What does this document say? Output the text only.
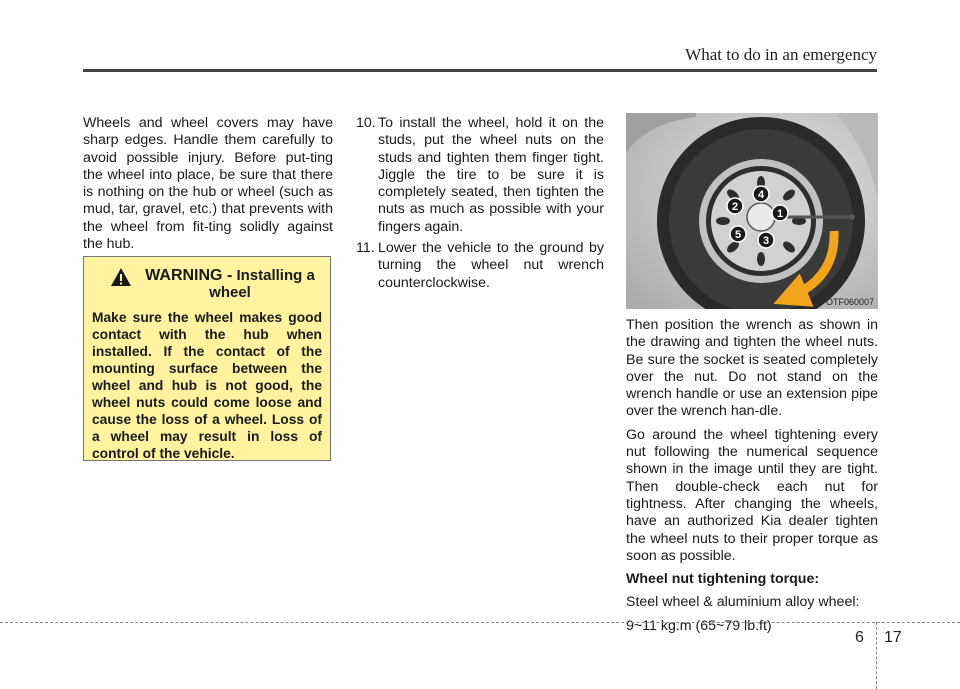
What to do in an emergency

Wheels and wheel covers may have sharp edges. Handle them carefully to avoid possible injury. Before put-ting the wheel into place, be sure that there is nothing on the hub or wheel (such as mud, tar, gravel, etc.) that prevents with the wheel from fit-ting solidly against the hub.

WARNING - Installing a wheel
Make sure the wheel makes good contact with the hub when installed. If the contact of the mounting surface between the wheel and hub is not good, the wheel nuts could come loose and cause the loss of a wheel. Loss of a wheel may result in loss of control of the vehicle.
10. To install the wheel, hold it on the studs, put the wheel nuts on the studs and tighten them finger tight. Jiggle the tire to be sure it is completely seated, then tighten the nuts as much as possible with your fingers again.
11. Lower the vehicle to the ground by turning the wheel nut wrench counterclockwise.
1
2
3
4
5
OTF060007

Then position the wrench as shown in the drawing and tighten the wheel nuts. Be sure the socket is seated completely over the nut. Do not stand on the wrench handle or use an extension pipe over the wrench han-dle.

Go around the wheel tightening every nut following the numerical sequence shown in the image until they are tight. Then double-check each nut for tightness. After changing the wheels, have an authorized Kia dealer tighten the wheel nuts to their proper torque as soon as possible.

Wheel nut tightening torque:

Steel wheel & aluminium alloy wheel:

9~11 kg.m (65~79 lb.ft)

6 17
